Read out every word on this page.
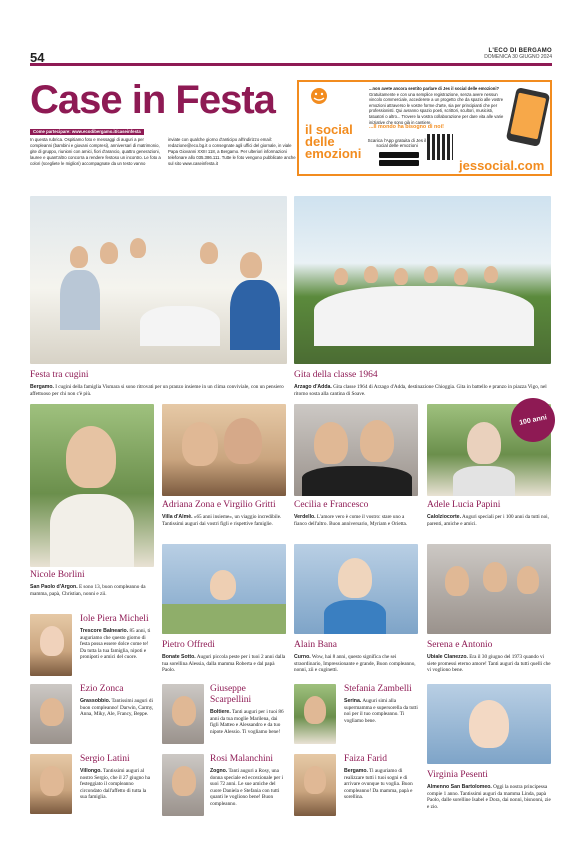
54	L'ECO DI BERGAMO
DOMENICA 30 GIUGNO 2024
Case in Festa
Come partecipare: www.ecodibergamo.it/caseinfesta
In questa rubrica. Ospitiamo foto e messaggi di auguri a per compleanni (bambini e giovani compresi), anniversari di matrimonio, gite di gruppo, riunioni con amici, fiori d'arancio, quattro generazioni, lauree e quant'altro concorra a rendere festoso un incontro. Le foto a colori (scegliete le migliori) accompagnate da un testo vanno
inviate con qualche giorno d'anticipo all'indirizzo email: redazione@eco.bg.it o consegnate agli uffici del giornale, in viale Papa Giovanni XXIII 118, a Bergamo. Per ulteriori informazioni telefonare allo 035.386.111. Tutte le foto vengono pubblicate anche sul sito www.caseinfesta.it
il social delle emozioni
...non avete ancora sentito parlare di Jes il social delle emozioni? Gratuitamente e con una semplice registrazione, senza avere nessun vincolo commerciale, accederete a un progetto che da spazio alle vostre emozioni attraverso le vostre forme d'arte, sia per principianti che per professionisti. Qui avranno spazio poeti, scrittori, scultori, musicisti, tatuatori o altro... Trovere la vostra collaborazione per dare vita alle varie iniziative che sono già in cantiere.
...Il mondo ha bisogno di noi!
Scarica l'App gratuita di Jes il social delle emozioni
jessocial.com
Festa tra cugini

Bergamo. I cugini della famiglia Vismara si sono ritrovati per un pranzo insieme in un clima conviviale, con un pensiero affettuoso per chi non c'è più.

Gita della classe 1964

Arzago d'Adda. Gita classe 1964 di Arzago d'Adda, destinazione Chioggia. Gita in battello e pranzo in piazza Vigo, nel ritorno sosta alla cantina di Soave.

100 anni
Adriana Zona e Virgilio Gritti

Villa d'Almè. «65 anni insieme», un viaggio incredibile. Tantissimi auguri dai vostri figli e rispettive famiglie.

Cecilia e Francesco

Verdello. L'amore vero è come il vostro: stare uno a fianco dell'altro. Buon anniversario, Myriam e Orietta.

Adele Lucia Papini

Calolziocorte. Auguri speciali per i 100 anni da tutti noi, parenti, amiche e amici.

Nicole Borlini

San Paolo d'Argon. E sono 13, buon compleanno da mamma, papà, Christian, nonni e zii.

Iole Piera Micheli

Trescore Balneario. 85 anni, ti auguriamo che questo giorno di festa possa essere dolce come te! Da tutta la tua famiglia, nipoti e pronipoti e amici del cuore.

Pietro Offredi

Bonate Sotto. Auguri piccola peste per i tuoi 2 anni dalla tua sorellina Alessia, dalla mamma Roberta e dal papà Paolo.

Alain Bana

Curno. Wow, hai 8 anni, questo significa che sei straordinario, Impressionante e grande, Buon compleanno, nonni, zii e cuginetti.

Serena e Antonio

Ubiale Clanezzo. Era il 30 giugno del 1973 quando vi siete promessi eterno amore! Tanti auguri da tutti quelli che vi vogliono bene.

Ezio Zonca

Grassobbio. Tantissimi auguri di buon compleanno! Darwin, Carmy, Anna, Miky, Ale, Francy, Beppe.

Giuseppe Scarpellini

Boltiere. Tanti auguri per i tuoi 86 anni da tua moglie Marilena, dai figli Matteo e Alessandro e da tuo nipote Alessio. Ti vogliamo bene!

Stefania Zambelli

Serina. Auguri simi alla supermamma e supersorella da tutti noi per il tuo compleanno. Ti vogliamo bene.

Sergio Latini

Villongo. Tantissimi auguri al nostro Sergio, che il 27 giugno ha festeggiato il compleanno circondato dall'affetto di tutta la sua famiglia.

Rosi Malanchini

Zogno. Tanti auguri a Rosy, una donna speciale ed eccezionale per i suoi 72 anni. Le sue amiche del cuore Daniela e Stefania con tutti quanti le vogliono bene! Buon compleanno.

Faiza Farid

Bergamo. Ti auguriamo di realizzare tutti i tuoi sogni e di arrivare ovunque tu voglia. Buon compleanno! Da mamma, papà e sorellina.

Virginia Pesenti

Almenno San Bartolomeo. Oggi la nostra principessa compie 1 anno. Tantissimi auguri da mamma Linda, papà Paolo, dalle sorelline Isabel e Dora, dai nonni, bisnonni, zie e zio.
